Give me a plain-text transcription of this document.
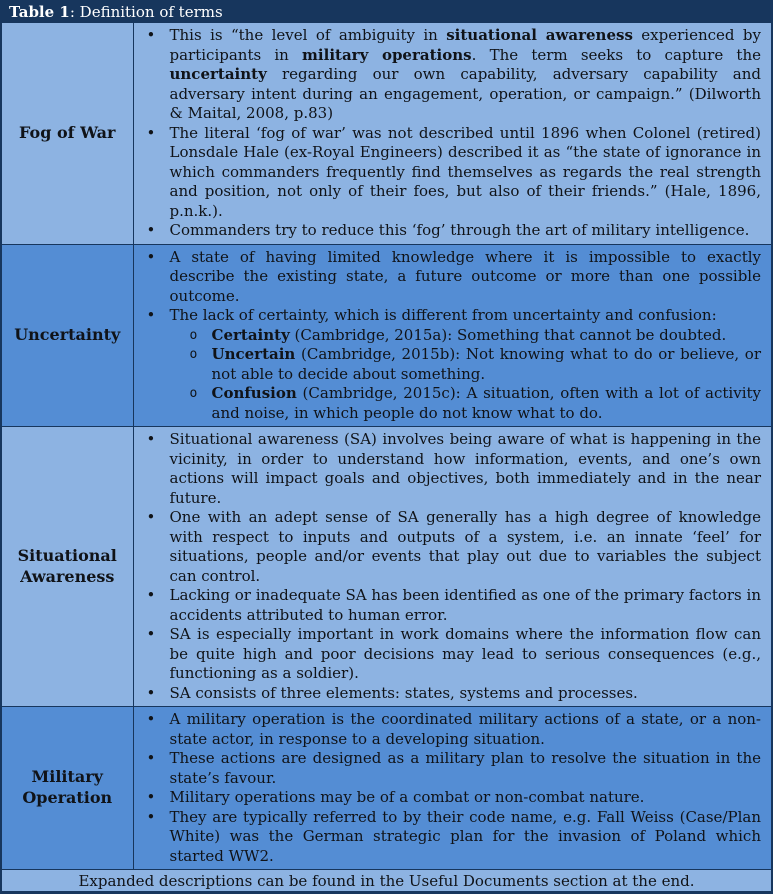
Table 1: Definition of terms
Fog of War	
• This is “the level of ambiguity in situational awareness experienced by participants in military operations. The term seeks to capture the uncertainty regarding our own capability, adversary capability and adversary intent during an engagement, operation, or campaign.” (Dilworth & Maital, 2008, p.83)
• The literal ‘fog of war’ was not described until 1896 when Colonel (retired) Lonsdale Hale (ex-Royal Engineers) described it as “the state of ignorance in which commanders frequently find themselves as regards the real strength and position, not only of their foes, but also of their friends.” (Hale, 1896, p.n.k.).
• Commanders try to reduce this ‘fog’ through the art of military intelligence.

Uncertainty	
• A state of having limited knowledge where it is impossible to exactly describe the existing state, a future outcome or more than one possible outcome.
• The lack of certainty, which is different from uncertainty and confusion:
o Certainty (Cambridge, 2015a): Something that cannot be doubted.
o Uncertain (Cambridge, 2015b): Not knowing what to do or believe, or not able to decide about something.
o Confusion (Cambridge, 2015c): A situation, often with a lot of activity and noise, in which people do not know what to do.

Situational Awareness	
• Situational awareness (SA) involves being aware of what is happening in the vicinity, in order to understand how information, events, and one’s own actions will impact goals and objectives, both immediately and in the near future.
• One with an adept sense of SA generally has a high degree of knowledge with respect to inputs and outputs of a system, i.e. an innate ‘feel’ for situations, people and/or events that play out due to variables the subject can control.
• Lacking or inadequate SA has been identified as one of the primary factors in accidents attributed to human error.
• SA is especially important in work domains where the information flow can be quite high and poor decisions may lead to serious consequences (e.g., functioning as a soldier).
• SA consists of three elements: states, systems and processes.

Military Operation	
• A military operation is the coordinated military actions of a state, or a non-state actor, in response to a developing situation.
• These actions are designed as a military plan to resolve the situation in the state’s favour.
• Military operations may be of a combat or non-combat nature.
• They are typically referred to by their code name, e.g. Fall Weiss (Case/Plan White) was the German strategic plan for the invasion of Poland which started WW2.
Expanded descriptions can be found in the Useful Documents section at the end.
